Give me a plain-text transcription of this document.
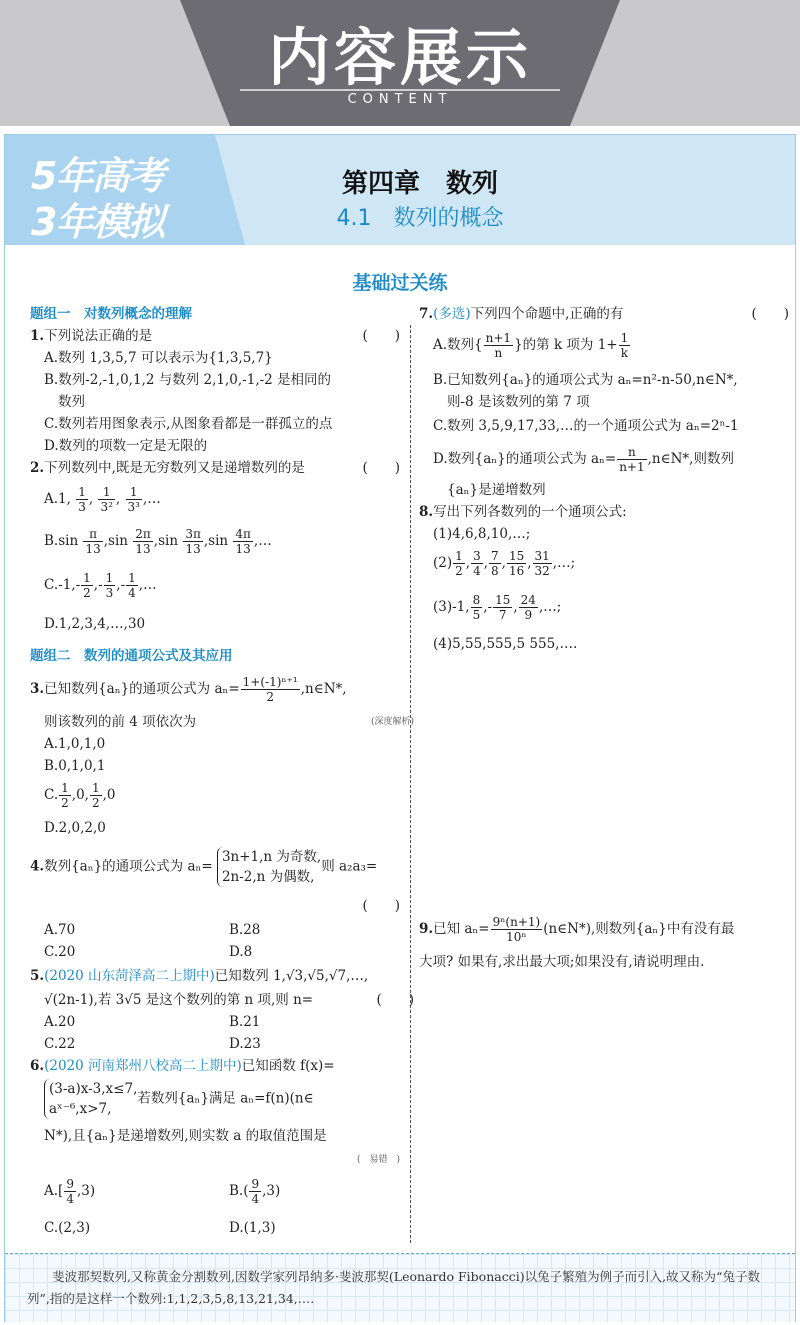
内容展示
CONTENT
5年高考
3年模拟
第四章　数列
4.1　数列的概念
基础过关练
题组一　对数列概念的理解
1.下列说法正确的是	(　　)
A.数列 1,3,5,7 可以表示为{1,3,5,7}
B.数列-2,-1,0,1,2 与数列 2,1,0,-1,-2 是相同的
数列
C.数列若用图象表示,从图象看都是一群孤立的点
D.数列的项数一定是无限的
2.下列数列中,既是无穷数列又是递增数列的是	(　　)
A.1, $\frac{1}{3}$ , $\frac{1}{\text{3²}}$ , $\frac{1}{\text{3³}}$ ,…
$B.\sin \frac{\pi}{13} ,\sin \frac{2\pi}{13} ,\sin \frac{3\pi}{13} ,\sin \frac{4\pi}{13}$ ,…
$C.-1,- \frac{1}{2}$ ,- $\frac{1}{3}$ ,- $\frac{1}{4}$ ,…
D.1,2,3,4,…,30
题组二　数列的通项公式及其应用
3.已知数列{aₙ}的通项公式为 $a_n= \frac{\text{1+(-1)ⁿ⁺¹}}{2}$ ,n∈N*,
则该数列的前 4 项依次为	(深度解析)
A.1,0,1,0
B.0,1,0,1
C. $\frac{1}{2} ,0$, $\frac{1}{2} ,0$
D.2,0,2,0
4.数列{aₙ}的通项公式为 aₙ=
3n+1,n 为奇数,
2n-2,n 为偶数,
则 a₂a₃=
(　　)
A.70	B.28
C.20	D.8
5.(2020 山东菏泽高二上期中)已知数列 1,√3,√5,√7,…,
√(2n-1),若 3√5 是这个数列的第 n 项,则 n=	(　　)
A.20	B.21
C.22	D.23
6.(2020 河南郑州八校高二上期中)已知函数 f(x)=
(3-a)x-3,x≤7,
aˣ⁻⁶,x>7,
若数列{aₙ}满足 aₙ=f(n)(n∈
N*),且{aₙ}是递增数列,则实数 a 的取值范围是
(　易错　)
$A.[ \frac{9}{4} ,3)$	$B.( \frac{9}{4} ,3)$
C.(2,3)	D.(1,3)
7.(多选)下列四个命题中,正确的有	(　　)
A.数列{ $\frac{n+1}{n}$ }的第 k 项为 $1+ \frac{1}{k}$
B.已知数列{aₙ}的通项公式为 aₙ=n²-n-50,n∈N*,
则-8 是该数列的第 7 项
C.数列 3,5,9,17,33,…的一个通项公式为 aₙ=2ⁿ-1
D.数列{aₙ}的通项公式为 $a_n= \frac{n}{n+1}$ ,n∈N*,则数列
{aₙ}是递增数列
8.写出下列各数列的一个通项公式:
(1)4,6,8,10,…;
$(2) \frac{1}{2}$ , $\frac{3}{4}$ , $\frac{7}{8}$ , $\frac{15}{16}$ , $\frac{31}{32}$ ,…;
(3)-1, $\frac{8}{5}$ ,- $\frac{15}{7}$ , $\frac{24}{9}$ ,…;
(4)5,55,555,5 555,….
9.已知 $a_n= \frac{\text{9ⁿ(n+1)}}{\text{10ⁿ}}$ (n∈N*),则数列{aₙ}中有没有最
大项? 如果有,求出最大项;如果没有,请说明理由.
斐波那契数列,又称黄金分割数列,因数学家列昂纳多·斐波那契(Leonardo Fibonacci)以兔子繁殖为例子而引入,故又称为“兔子数列”,指的是这样一个数列:1,1,2,3,5,8,13,21,34,….
